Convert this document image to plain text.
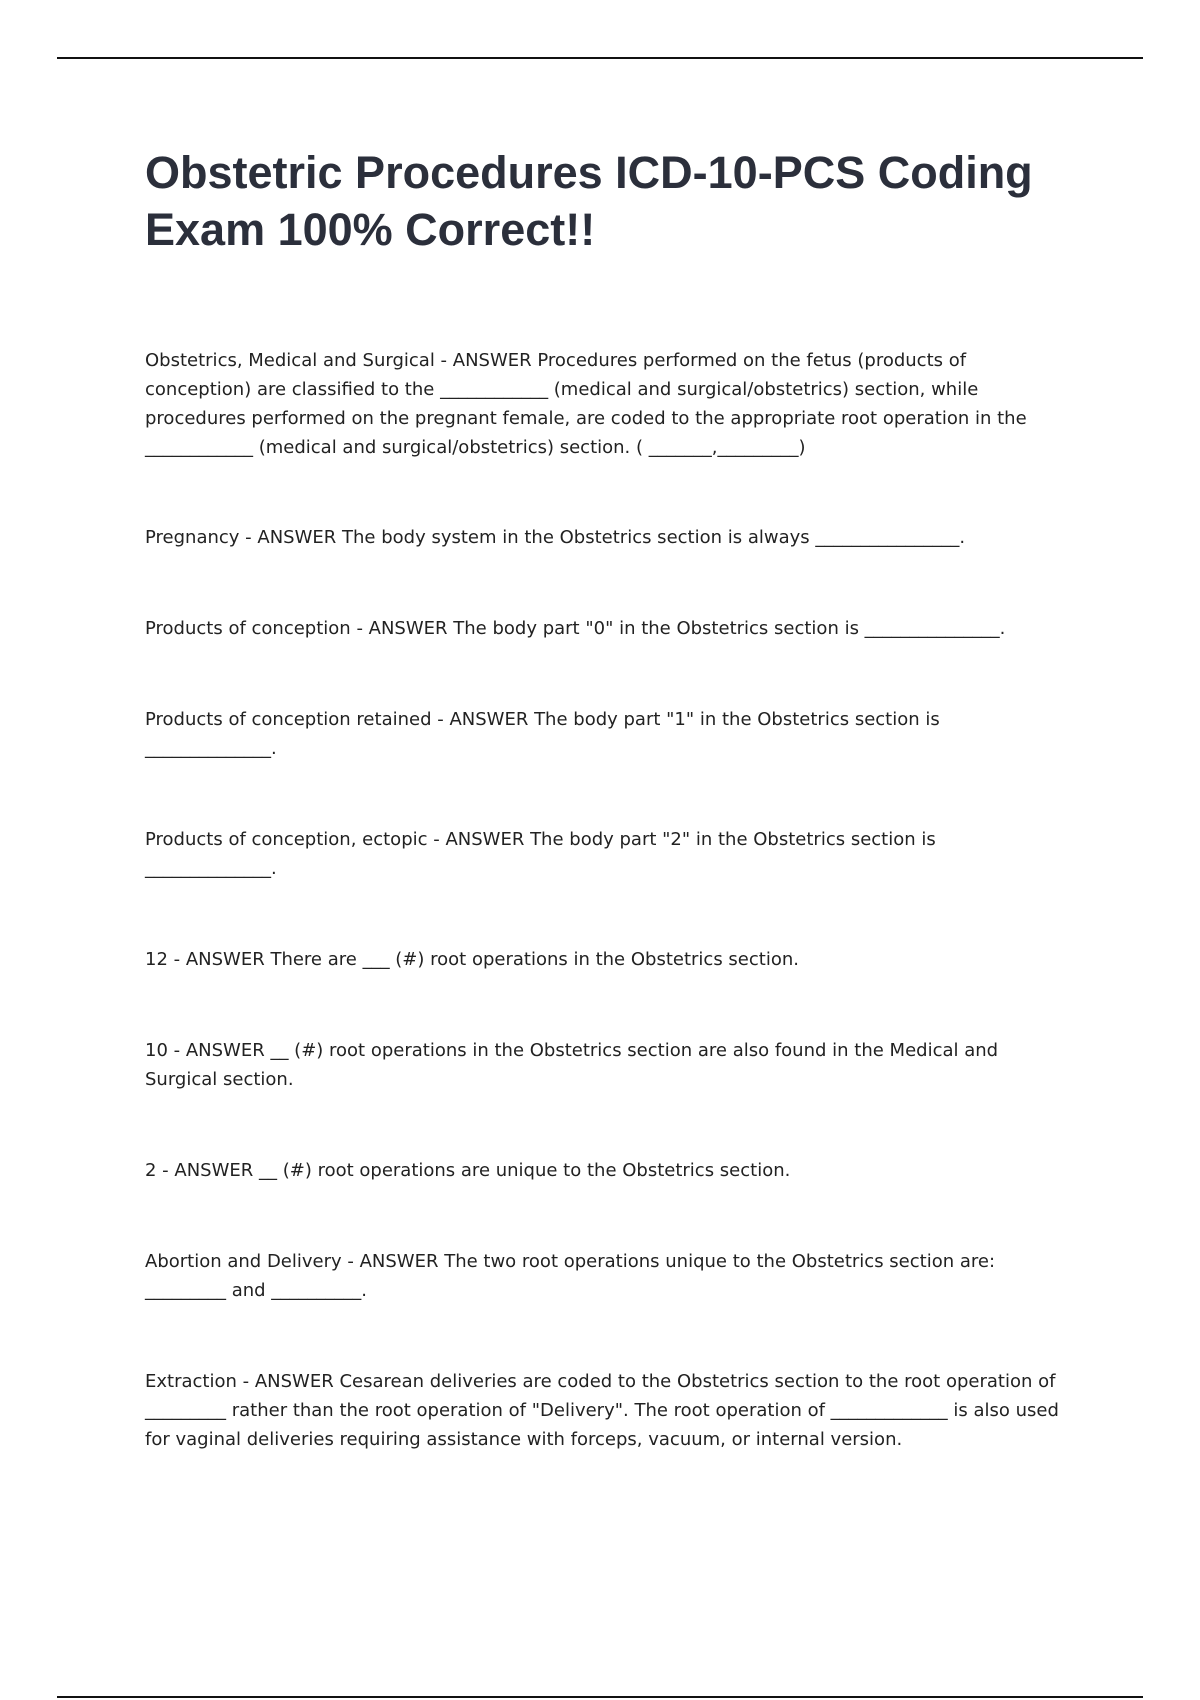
Obstetric Procedures ICD-10-PCS Coding Exam 100% Correct!!

Obstetrics, Medical and Surgical - ANSWER Procedures performed on the fetus (products of conception) are classified to the ____________ (medical and surgical/obstetrics) section, while procedures performed on the pregnant female, are coded to the appropriate root operation in the ____________ (medical and surgical/obstetrics) section. ( _______,_________)

Pregnancy - ANSWER The body system in the Obstetrics section is always ________________.

Products of conception - ANSWER The body part "0" in the Obstetrics section is _______________.

Products of conception retained - ANSWER The body part "1" in the Obstetrics section is ______________.

Products of conception, ectopic - ANSWER The body part "2" in the Obstetrics section is ______________.

12 - ANSWER There are ___ (#) root operations in the Obstetrics section.

10 - ANSWER __ (#) root operations in the Obstetrics section are also found in the Medical and Surgical section.

2 - ANSWER __ (#) root operations are unique to the Obstetrics section.

Abortion and Delivery - ANSWER The two root operations unique to the Obstetrics section are: _________ and __________.

Extraction - ANSWER Cesarean deliveries are coded to the Obstetrics section to the root operation of _________ rather than the root operation of "Delivery". The root operation of _____________ is also used for vaginal deliveries requiring assistance with forceps, vacuum, or internal version.
